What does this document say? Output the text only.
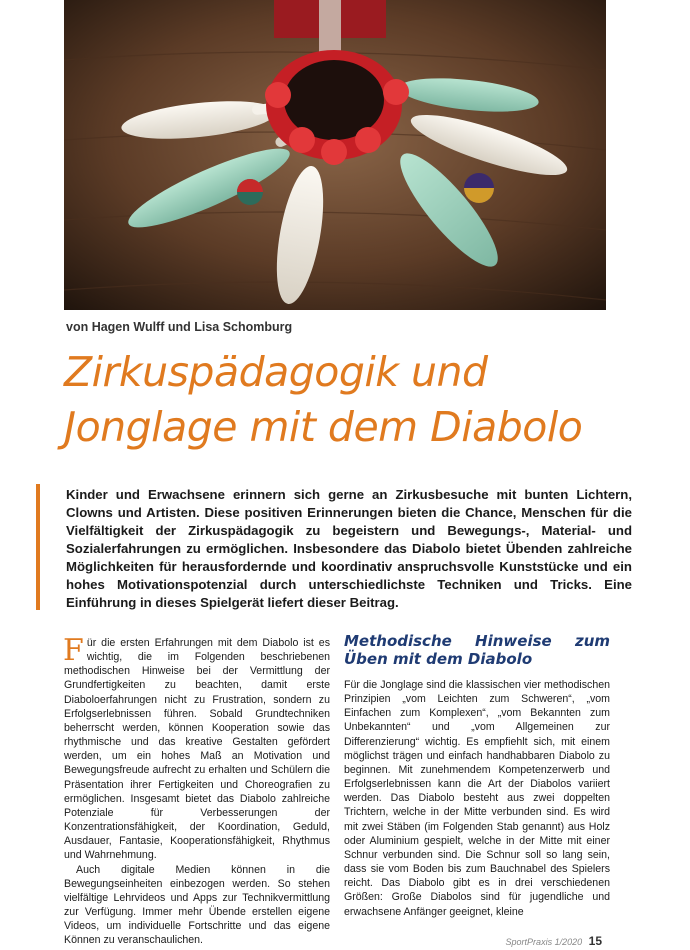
von Hagen Wulff und Lisa Schomburg
Zirkuspädagogik und
Jonglage mit dem Diabolo

Kinder und Erwachsene erinnern sich gerne an Zirkusbesuche mit bunten Lichtern, Clowns und Artisten. Diese positiven Erinnerungen bieten die Chance, Menschen für die Vielfältigkeit der Zirkuspädagogik zu begeistern und Bewegungs-, Material- und Sozialerfahrungen zu ermöglichen. Insbesondere das Diabolo bietet Übenden zahlreiche Möglichkeiten für herausfordernde und koordinativ anspruchsvolle Kunststücke und ein hohes Motivationspotenzial durch unterschiedlichste Techniken und Tricks. Eine Einführung in dieses Spielgerät liefert dieser Beitrag.

Für die ersten Erfahrungen mit dem Diabolo ist es wichtig, die im Folgenden beschriebenen methodischen Hinweise bei der Vermittlung der Grundfertigkeiten zu beachten, damit erste Diaboloerfahrungen nicht zu Frustration, sondern zu Erfolgserlebnissen führen. Sobald Grundtechniken beherrscht werden, können Kooperation sowie das rhythmische und das kreative Gestalten gefördert werden, um ein hohes Maß an Motivation und Bewegungsfreude aufrecht zu erhalten und Schülern die Präsentation ihrer Fertigkeiten und Choreografien zu ermöglichen. Insgesamt bietet das Diabolo zahlreiche Potenziale für Verbesserungen der Konzentrationsfähigkeit, der Koordination, Geduld, Ausdauer, Fantasie, Kooperationsfähigkeit, Rhythmus und Wahrnehmung.

Auch digitale Medien können in die Bewegungseinheiten einbezogen werden. So stehen vielfältige Lehrvideos und Apps zur Technikvermittlung zur Verfügung. Immer mehr Übende erstellen eigene Videos, um individuelle Fortschritte und das eigene Können zu veranschaulichen.

Methodische Hinweise zum Üben mit dem Diabolo

Für die Jonglage sind die klassischen vier methodischen Prinzipien „vom Leichten zum Schweren“, „vom Einfachen zum Komplexen“, „vom Bekannten zum Unbekannten“ und „vom Allgemeinen zur Differenzierung“ wichtig. Es empfiehlt sich, mit einem möglichst trägen und einfach handhabbaren Diabolo zu beginnen. Mit zunehmendem Kompetenzerwerb und Erfolgserlebnissen kann die Art der Diabolos variiert werden. Das Diabolo besteht aus zwei doppelten Trichtern, welche in der Mitte verbunden sind. Es wird mit zwei Stäben (im Folgenden Stab genannt) aus Holz oder Aluminium gespielt, welche in der Mitte mit einer Schnur verbunden sind. Die Schnur soll so lang sein, dass sie vom Boden bis zum Bauchnabel des Spielers reicht. Das Diabolo gibt es in drei verschiedenen Größen: Große Diabolos sind für jugendliche und erwachsene Anfänger geeignet, kleine

SportPraxis 1/2020 15
